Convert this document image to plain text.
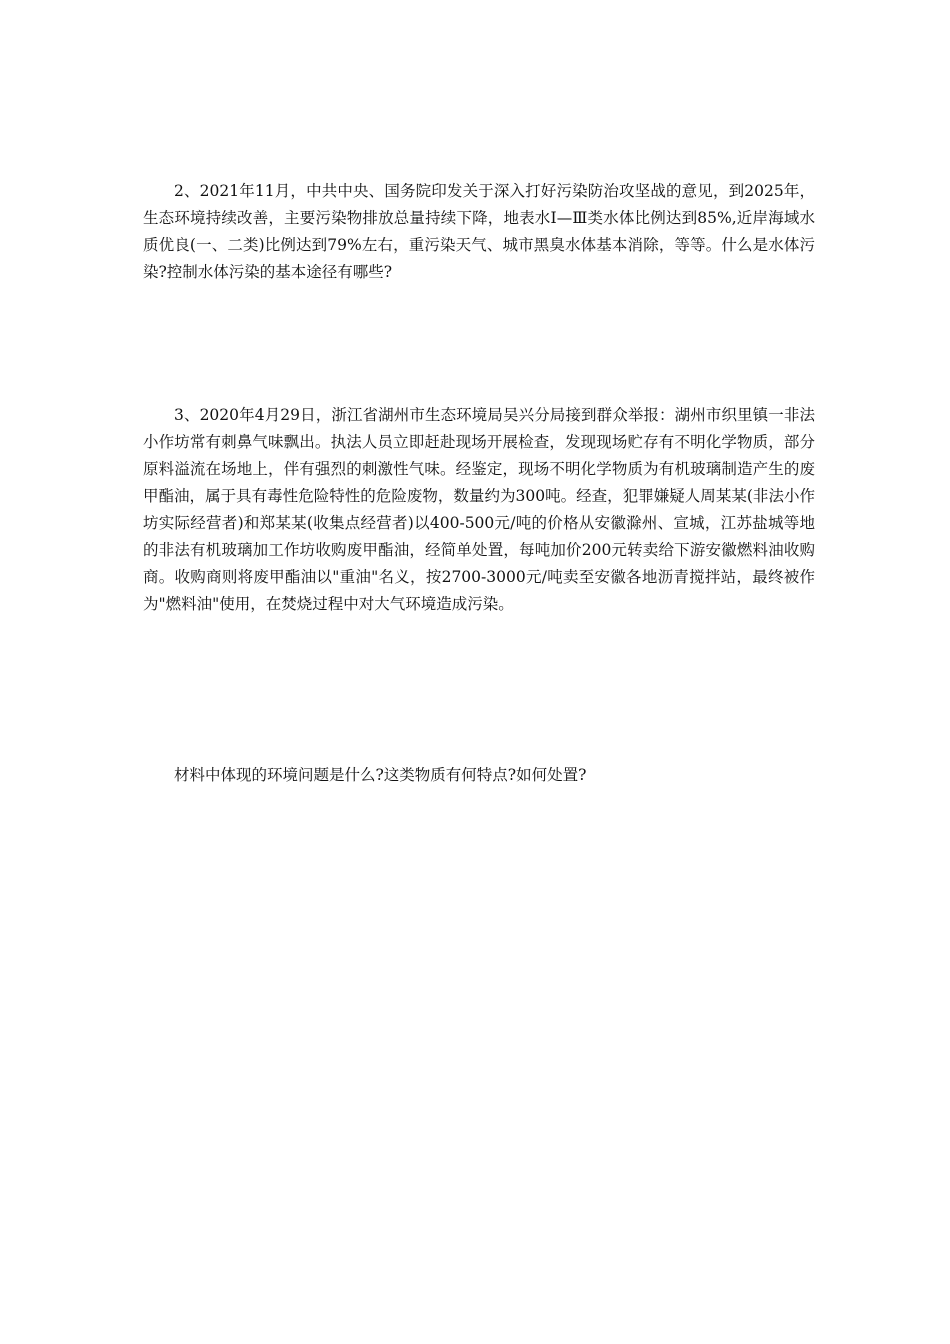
2、2021年11月，中共中央、国务院印发关于深入打好污染防治攻坚战的意见，到2025年，生态环境持续改善，主要污染物排放总量持续下降，地表水Ⅰ—Ⅲ类水体比例达到85%,近岸海域水质优良(一、二类)比例达到79%左右，重污染天气、城市黑臭水体基本消除，等等。什么是水体污染?控制水体污染的基本途径有哪些?

3、2020年4月29日，浙江省湖州市生态环境局吴兴分局接到群众举报：湖州市织里镇一非法小作坊常有刺鼻气味飘出。执法人员立即赶赴现场开展检查，发现现场贮存有不明化学物质，部分原料溢流在场地上，伴有强烈的刺激性气味。经鉴定，现场不明化学物质为有机玻璃制造产生的废甲酯油，属于具有毒性危险特性的危险废物，数量约为300吨。经查，犯罪嫌疑人周某某(非法小作坊实际经营者)和郑某某(收集点经营者)以400-500元/吨的价格从安徽滁州、宣城，江苏盐城等地的非法有机玻璃加工作坊收购废甲酯油，经简单处置，每吨加价200元转卖给下游安徽燃料油收购商。收购商则将废甲酯油以"重油"名义，按2700-3000元/吨卖至安徽各地沥青搅拌站，最终被作为"燃料油"使用，在焚烧过程中对大气环境造成污染。

材料中体现的环境问题是什么?这类物质有何特点?如何处置?
